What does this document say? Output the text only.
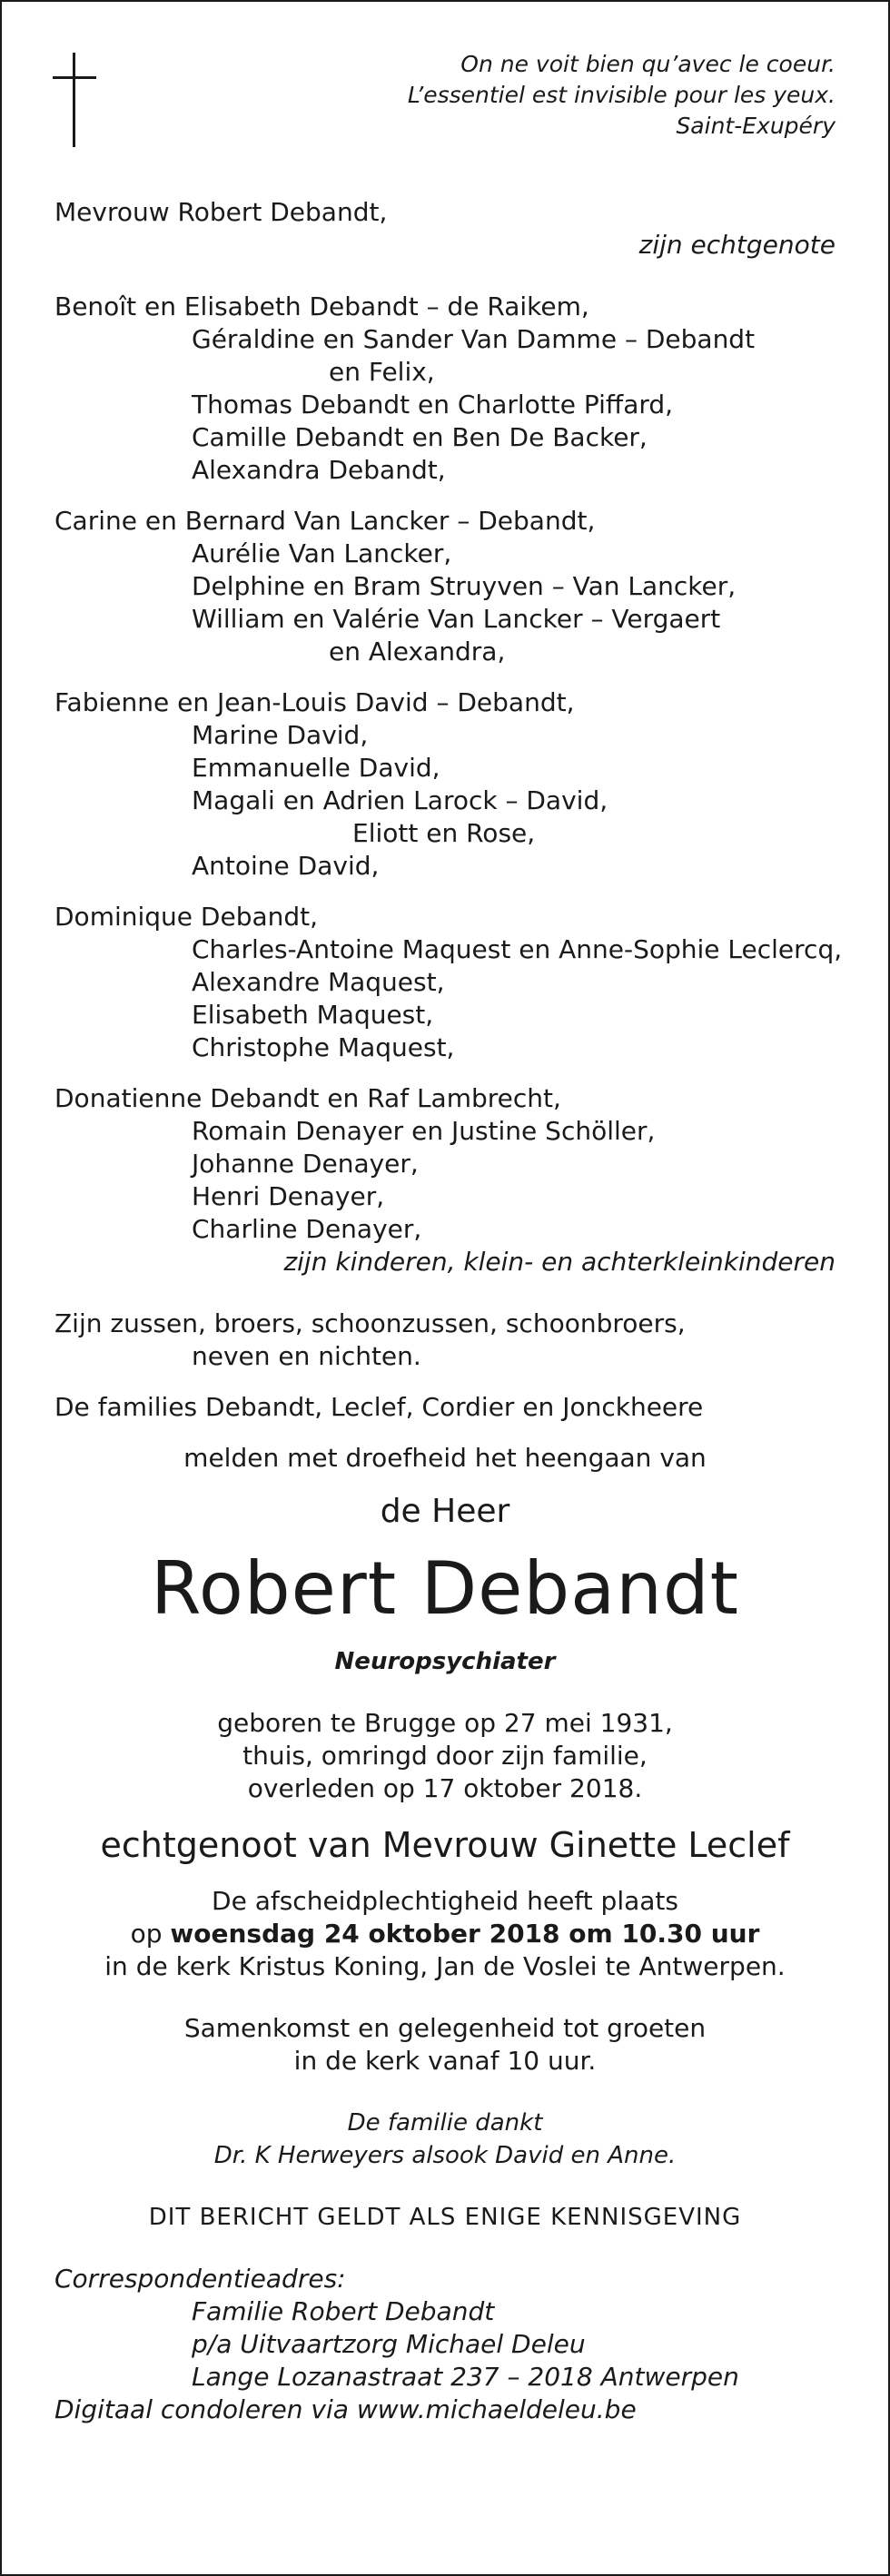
On ne voit bien qu’avec le coeur.
L’essentiel est invisible pour les yeux.
Saint-Exupéry
Mevrouw Robert Debandt,
zijn echtgenote
Benoît en Elisabeth Debandt – de Raikem,
Géraldine en Sander Van Damme – Debandt
en Felix,
Thomas Debandt en Charlotte Piffard,
Camille Debandt en Ben De Backer,
Alexandra Debandt,
Carine en Bernard Van Lancker – Debandt,
Aurélie Van Lancker,
Delphine en Bram Struyven – Van Lancker,
William en Valérie Van Lancker – Vergaert
en Alexandra,
Fabienne en Jean-Louis David – Debandt,
Marine David,
Emmanuelle David,
Magali en Adrien Larock – David,
Eliott en Rose,
Antoine David,
Dominique Debandt,
Charles-Antoine Maquest en Anne-Sophie Leclercq,
Alexandre Maquest,
Elisabeth Maquest,
Christophe Maquest,
Donatienne Debandt en Raf Lambrecht,
Romain Denayer en Justine Schöller,
Johanne Denayer,
Henri Denayer,
Charline Denayer,
zijn kinderen, klein- en achterkleinkinderen
Zijn zussen, broers, schoonzussen, schoonbroers,
neven en nichten.
De families Debandt, Leclef, Cordier en Jonckheere
melden met droefheid het heengaan van
de Heer
Robert Debandt
Neuropsychiater
geboren te Brugge op 27 mei 1931,
thuis, omringd door zijn familie,
overleden op 17 oktober 2018.
echtgenoot van Mevrouw Ginette Leclef
De afscheidplechtigheid heeft plaats
op woensdag 24 oktober 2018 om 10.30 uur
in de kerk Kristus Koning, Jan de Voslei te Antwerpen.
Samenkomst en gelegenheid tot groeten
in de kerk vanaf 10 uur.
De familie dankt
Dr. K Herweyers alsook David en Anne.
DIT BERICHT GELDT ALS ENIGE KENNISGEVING
Correspondentieadres:
Familie Robert Debandt
p/a Uitvaartzorg Michael Deleu
Lange Lozanastraat 237 – 2018 Antwerpen
Digitaal condoleren via www.michaeldeleu.be
